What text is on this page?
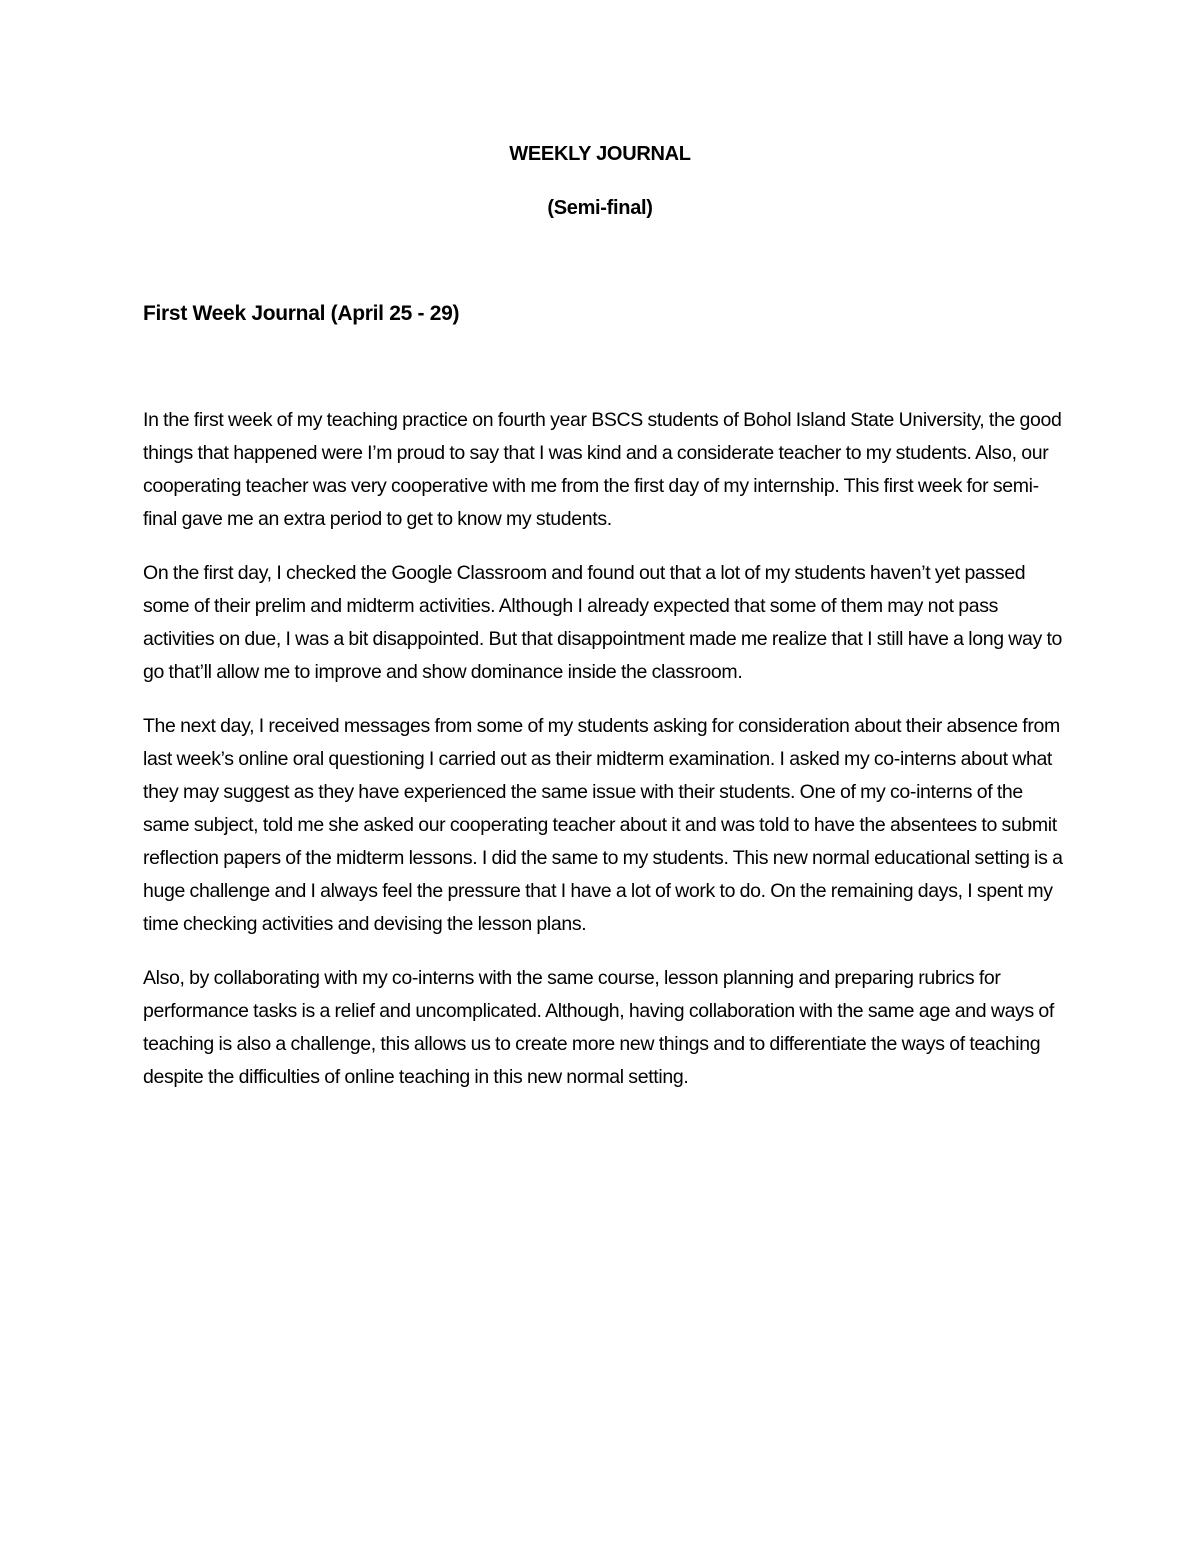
WEEKLY JOURNAL
(Semi-final)
First Week Journal (April 25 - 29)

In the first week of my teaching practice on fourth year BSCS students of Bohol Island State University, the good things that happened were I’m proud to say that I was kind and a considerate teacher to my students. Also, our cooperating teacher was very cooperative with me from the first day of my internship. This first week for semi-final gave me an extra period to get to know my students.

On the first day, I checked the Google Classroom and found out that a lot of my students haven’t yet passed some of their prelim and midterm activities. Although I already expected that some of them may not pass activities on due, I was a bit disappointed. But that disappointment made me realize that I still have a long way to go that’ll allow me to improve and show dominance inside the classroom.

The next day, I received messages from some of my students asking for consideration about their absence from last week’s online oral questioning I carried out as their midterm examination. I asked my co-interns about what they may suggest as they have experienced the same issue with their students. One of my co-interns of the same subject, told me she asked our cooperating teacher about it and was told to have the absentees to submit reflection papers of the midterm lessons. I did the same to my students. This new normal educational setting is a huge challenge and I always feel the pressure that I have a lot of work to do. On the remaining days, I spent my time checking activities and devising the lesson plans.

Also, by collaborating with my co-interns with the same course, lesson planning and preparing rubrics for performance tasks is a relief and uncomplicated. Although, having collaboration with the same age and ways of teaching is also a challenge, this allows us to create more new things and to differentiate the ways of teaching despite the difficulties of online teaching in this new normal setting.
